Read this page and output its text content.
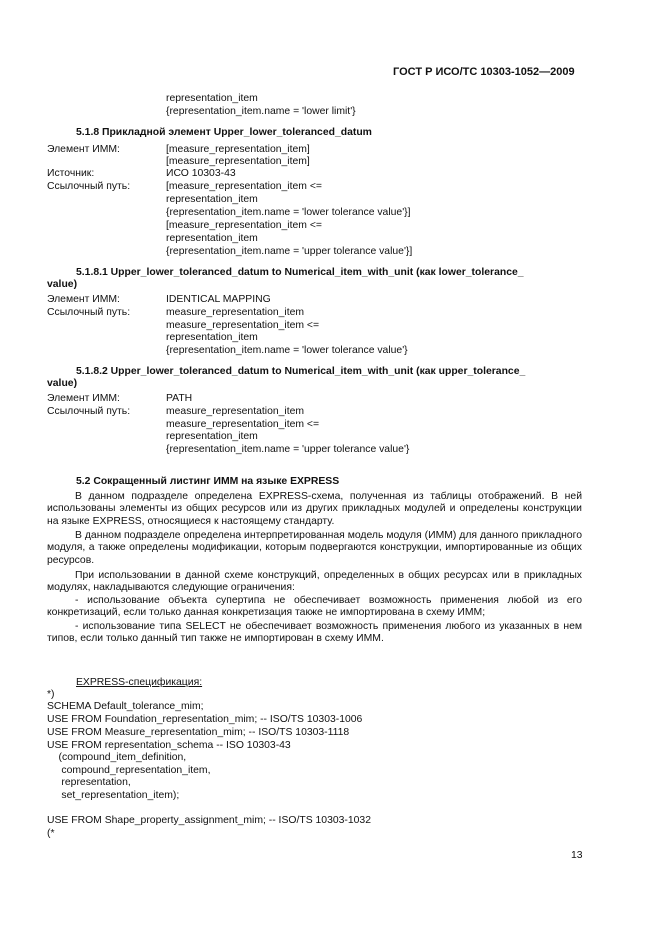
ГОСТ Р ИСО/ТС 10303-1052—2009
representation_item
{representation_item.name = 'lower limit'}
5.1.8 Прикладной элемент Upper_lower_toleranced_datum
Элемент ИММ:	[measure_representation_item]
[measure_representation_item]
Источник:	ИСО 10303-43
Ссылочный путь:	[measure_representation_item <=
representation_item
{representation_item.name = 'lower tolerance value'}]
[measure_representation_item <=
representation_item
{representation_item.name = 'upper tolerance value'}]
5.1.8.1 Upper_lower_toleranced_datum to Numerical_item_with_unit (как lower_tolerance_
value)
Элемент ИММ:	IDENTICAL MAPPING
Ссылочный путь:	measure_representation_item
measure_representation_item <=
representation_item
{representation_item.name = 'lower tolerance value'}
5.1.8.2 Upper_lower_toleranced_datum to Numerical_item_with_unit (как upper_tolerance_
value)
Элемент ИММ:	PATH
Ссылочный путь:	measure_representation_item
measure_representation_item <=
representation_item
{representation_item.name = 'upper tolerance value'}
5.2 Сокращенный листинг ИММ на языке EXPRESS
В данном подразделе определена EXPRESS-схема, полученная из таблицы отображений. В ней использованы элементы из общих ресурсов или из других прикладных модулей и определены конструкции на языке EXPRESS, относящиеся к настоящему стандарту.
В данном подразделе определена интерпретированная модель модуля (ИММ) для данного прикладного модуля, а также определены модификации, которым подвергаются конструкции, импортированные из общих ресурсов.
При использовании в данной схеме конструкций, определенных в общих ресурсах или в прикладных модулях, накладываются следующие ограничения:
- использование объекта супертипа не обеспечивает возможность применения любой из его конкретизаций, если только данная конкретизация также не импортирована в схему ИММ;
- использование типа SELECT не обеспечивает возможность применения любого из указанных в нем типов, если только данный тип также не импортирован в схему ИММ.
EXPRESS-спецификация:
*)
SCHEMA Default_tolerance_mim;
USE FROM Foundation_representation_mim; -- ISO/TS 10303-1006
USE FROM Measure_representation_mim; -- ISO/TS 10303-1118
USE FROM representation_schema -- ISO 10303-43
(compound_item_definition,
compound_representation_item,
representation,
set_representation_item);
USE FROM Shape_property_assignment_mim; -- ISO/TS 10303-1032
(*
13
